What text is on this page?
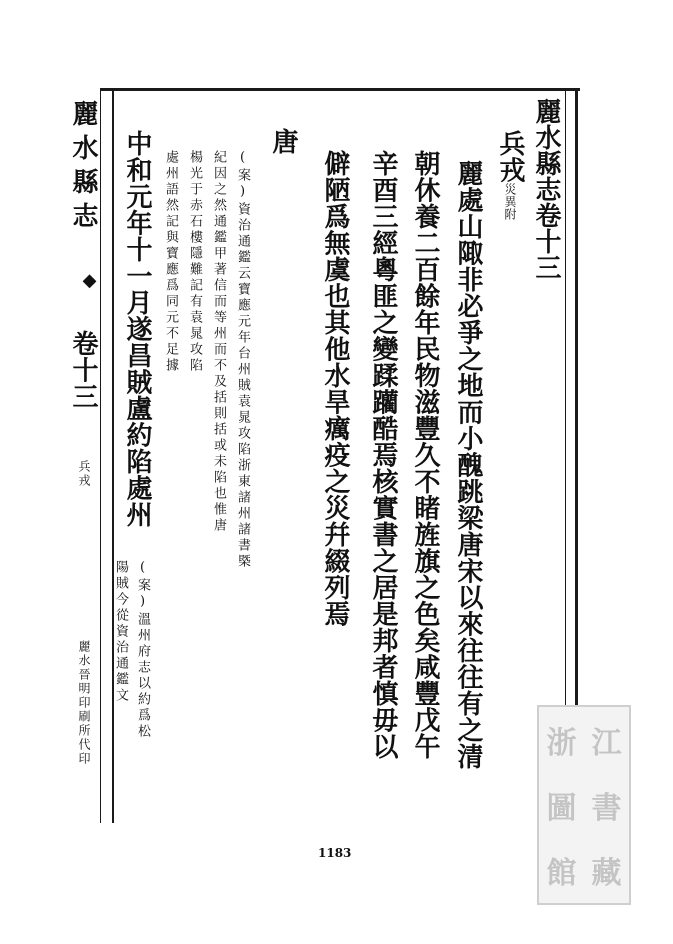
麗水縣志卷十三
兵戎災異附
麗處山陬非必爭之地而小醜跳梁唐宋以來往往有之清
朝休養二百餘年民物滋豐久不睹旌旗之色矣咸豐戊午
辛酉三經粵匪之變蹂躪酷焉核實書之居是邦者慎毋以
僻陋爲無虞也其他水旱癘疫之災幷綴列焉
唐
(案)資治通鑑云寶應元年台州賊袁晁攻陷浙東諸州諸書槩
紀因之然通鑑甲著信而等州而不及括則括或未陷也惟唐
楊光于赤石樓隱難記有袁晁攻陷
處州語然記與寶應爲同元不足據
中和元年十一月遂昌賊盧約陷處州
(案)溫州府志以約爲松
陽賊今從資治通鑑文
麗水縣志
◆
卷十三
兵戎
麗水晉明印刷所代印
1183
浙 江
圖 書
館 藏
